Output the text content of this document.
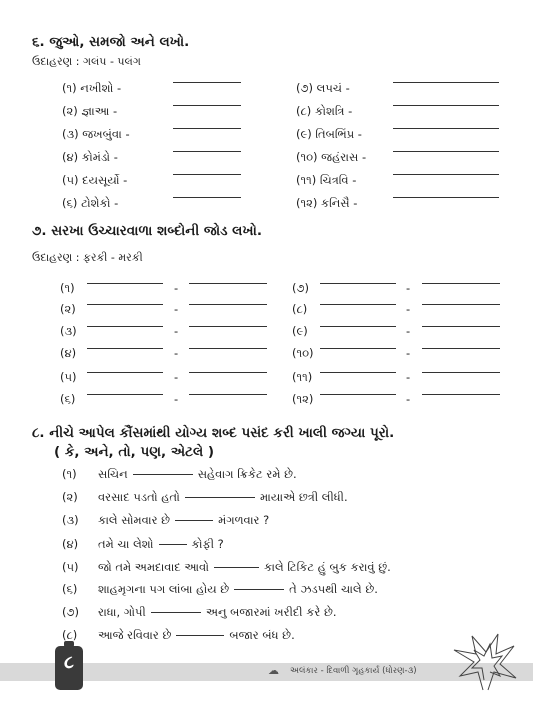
૬. જુઓ, સમજો અને લખો.
ઉદાહરણ : ગલંપ - પલંગ
૭. સરખા ઉચ્ચારવાળા શબ્દોની જોડ લખો.
ઉદાહરણ : ફરકી - મરકી
૮. નીચે આપેલ કૌંસમાંથી યોગ્ય શબ્દ પસંદ કરી ખાલી જગ્યા પૂરો.
( કે, અને, તો, પણ, એટલે )
૮	☁ અલંકાર - દિવાળી ગૃહકાર્ય (ધોરણ-૩)
(૧) નખીશો -	(૭) લપચં -
(૨) જ્ઞાઆ -	(૮) કોશત્રિ -
(૩) જખબુંવા -	(૯) તિબભિંપ્ર -
(૪) કોમંડો -	(૧૦) જહંરાસ -
(૫) દયસૂર્યો -	(૧૧) ચિત્રવિ -
(૬) ટોશેકો -	(૧૨) કનિસૈ -
(૧)	-	(૭)	-
(૨)	-	(૮)	-
(૩)	-	(૯)	-
(૪)	-	(૧૦)	-
(૫)	-	(૧૧)	-
(૬)	-	(૧૨)	-
(૧) સચિન	સહેવાગ ક્રિકેટ રમે છે.
(૨) વરસાદ પડતો હતો	માયાએ છત્રી લીધી.
(૩) કાલે સોમવાર છે	મંગળવાર ?
(૪) તમે ચા લેશો	કોફી ?
(૫) જો તમે અમદાવાદ આવો	કાલે ટિકિટ હું બુક કરાવું છું.
(૬) શાહમૃગના પગ લાંબા હોય છે	તે ઝડપથી ચાલે છે.
(૭) રાધા, ગોપી	અનુ બજારમાં ખરીદી કરે છે.
(૮) આજે રવિવાર છે	બજાર બંધ છે.
